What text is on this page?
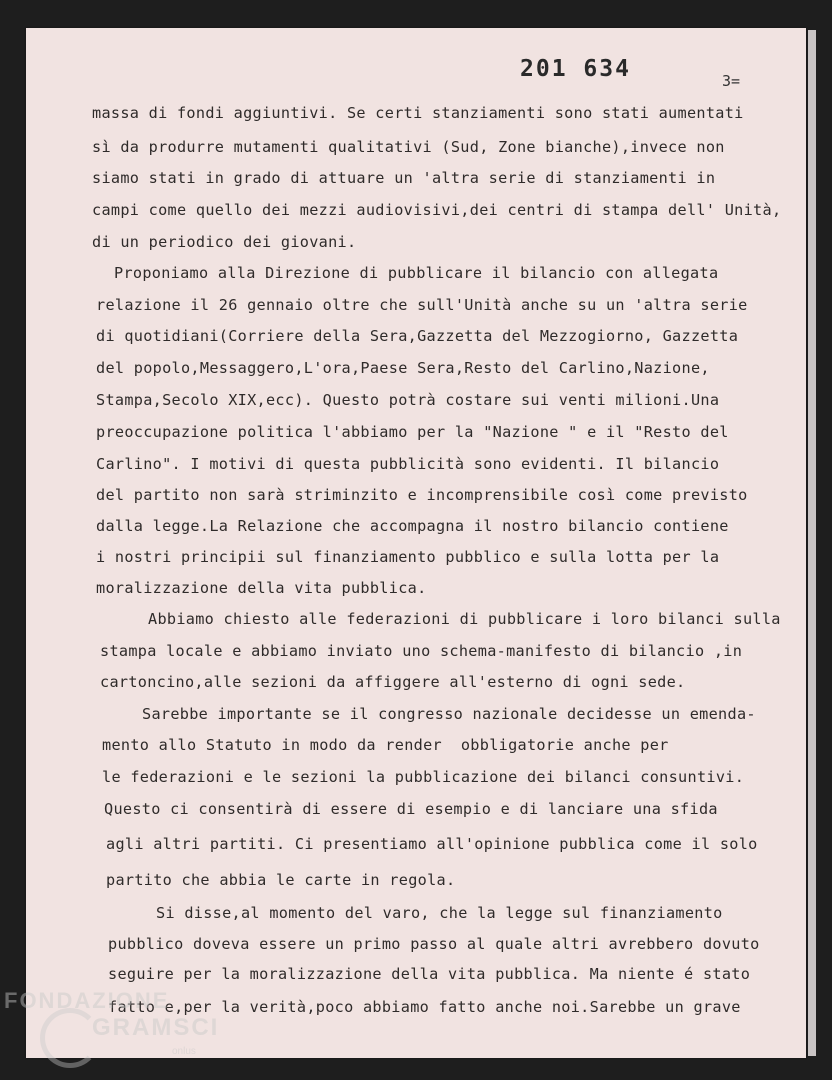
201 634	3=
massa di fondi aggiuntivi. Se certi stanziamenti sono stati aumentati
sì da produrre mutamenti qualitativi (Sud, Zone bianche),invece non
siamo stati in grado di attuare un 'altra serie di stanziamenti in
campi come quello dei mezzi audiovisivi,dei centri di stampa dell' Unità,
di un periodico dei giovani.
Proponiamo alla Direzione di pubblicare il bilancio con allegata
relazione il 26 gennaio oltre che sull'Unità anche su un 'altra serie
di quotidiani(Corriere della Sera,Gazzetta del Mezzogiorno, Gazzetta
del popolo,Messaggero,L'ora,Paese Sera,Resto del Carlino,Nazione,
Stampa,Secolo XIX,ecc). Questo potrà costare sui venti milioni.Una
preoccupazione politica l'abbiamo per la "Nazione " e il "Resto del
Carlino". I motivi di questa pubblicità sono evidenti. Il bilancio
del partito non sarà striminzito e incomprensibile così come previsto
dalla legge.La Relazione che accompagna il nostro bilancio contiene
i nostri principii sul finanziamento pubblico e sulla lotta per la
moralizzazione della vita pubblica.
Abbiamo chiesto alle federazioni di pubblicare i loro bilanci sulla
stampa locale e abbiamo inviato uno schema-manifesto di bilancio ,in
cartoncino,alle sezioni da affiggere all'esterno di ogni sede.
Sarebbe importante se il congresso nazionale decidesse un emenda-
mento allo Statuto in modo da render  obbligatorie anche per
le federazioni e le sezioni la pubblicazione dei bilanci consuntivi.
Questo ci consentirà di essere di esempio e di lanciare una sfida
agli altri partiti. Ci presentiamo all'opinione pubblica come il solo
partito che abbia le carte in regola.
Si disse,al momento del varo, che la legge sul finanziamento
pubblico doveva essere un primo passo al quale altri avrebbero dovuto
seguire per la moralizzazione della vita pubblica. Ma niente é stato
fatto e,per la verità,poco abbiamo fatto anche noi.Sarebbe un grave
FONDAZIONE
GRAMSCI
onlus
